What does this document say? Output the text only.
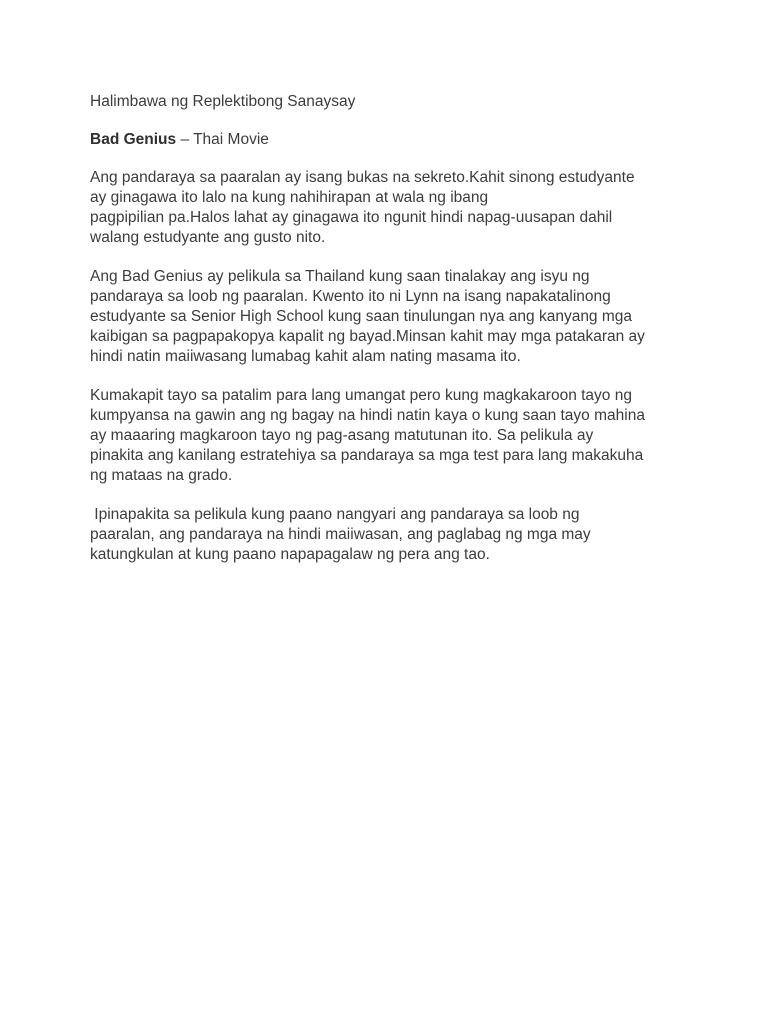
Halimbawa ng Replektibong Sanaysay

Bad Genius – Thai Movie

Ang pandaraya sa paaralan ay isang bukas na sekreto.Kahit sinong estudyante
ay ginagawa ito lalo na kung nahihirapan at wala ng ibang
pagpipilian pa.Halos lahat ay ginagawa ito ngunit hindi napag-uusapan dahil
walang estudyante ang gusto nito.
Ang Bad Genius ay pelikula sa Thailand kung saan tinalakay ang isyu ng
pandaraya sa loob ng paaralan. Kwento ito ni Lynn na isang napakatalinong
estudyante sa Senior High School kung saan tinulungan nya ang kanyang mga
kaibigan sa pagpapakopya kapalit ng bayad.Minsan kahit may mga patakaran ay
hindi natin maiiwasang lumabag kahit alam nating masama ito.
Kumakapit tayo sa patalim para lang umangat pero kung magkakaroon tayo ng
kumpyansa na gawin ang ng bagay na hindi natin kaya o kung saan tayo mahina
ay maaaring magkaroon tayo ng pag-asang matutunan ito. Sa pelikula ay
pinakita ang kanilang estratehiya sa pandaraya sa mga test para lang makakuha
ng mataas na grado.
Ipinapakita sa pelikula kung paano nangyari ang pandaraya sa loob ng
paaralan, ang pandaraya na hindi maiiwasan, ang paglabag ng mga may
katungkulan at kung paano napapagalaw ng pera ang tao.
